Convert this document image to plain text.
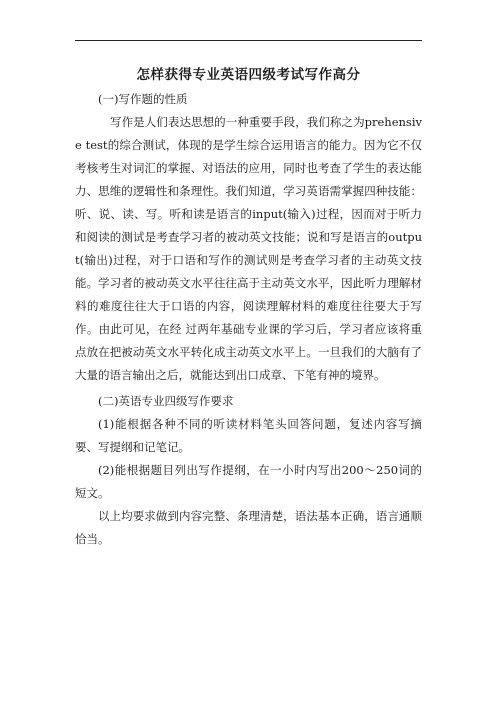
怎样获得专业英语四级考试写作高分

(一)写作题的性质

写作是人们表达思想的一种重要手段，我们称之为prehensive test的综合测试，体现的是学生综合运用语言的能力。因为它不仅考核考生对词汇的掌握、对语法的应用，同时也考查了学生的表达能力、思维的逻辑性和条理性。我们知道，学习英语需掌握四种技能：听、说、读、写。听和读是语言的input(输入)过程，因而对于听力和阅读的测试是考查学习者的被动英文技能；说和写是语言的output(输出)过程，对于口语和写作的测试则是考查学习者的主动英文技能。学习者的被动英文水平往往高于主动英文水平，因此听力理解材料的难度往往大于口语的内容，阅读理解材料的难度往往要大于写作。由此可见，在经 过两年基础专业课的学习后，学习者应该将重点放在把被动英文水平转化成主动英文水平上。一旦我们的大脑有了大量的语言输出之后，就能达到出口成章、下笔有神的境界。

(二)英语专业四级写作要求

(1)能根据各种不同的听读材料笔头回答问题，复述内容写摘要、写提纲和记笔记。

(2)能根据题目列出写作提纲，在一小时内写出200～250词的短文。

以上均要求做到内容完整、条理清楚，语法基本正确，语言通顺恰当。
